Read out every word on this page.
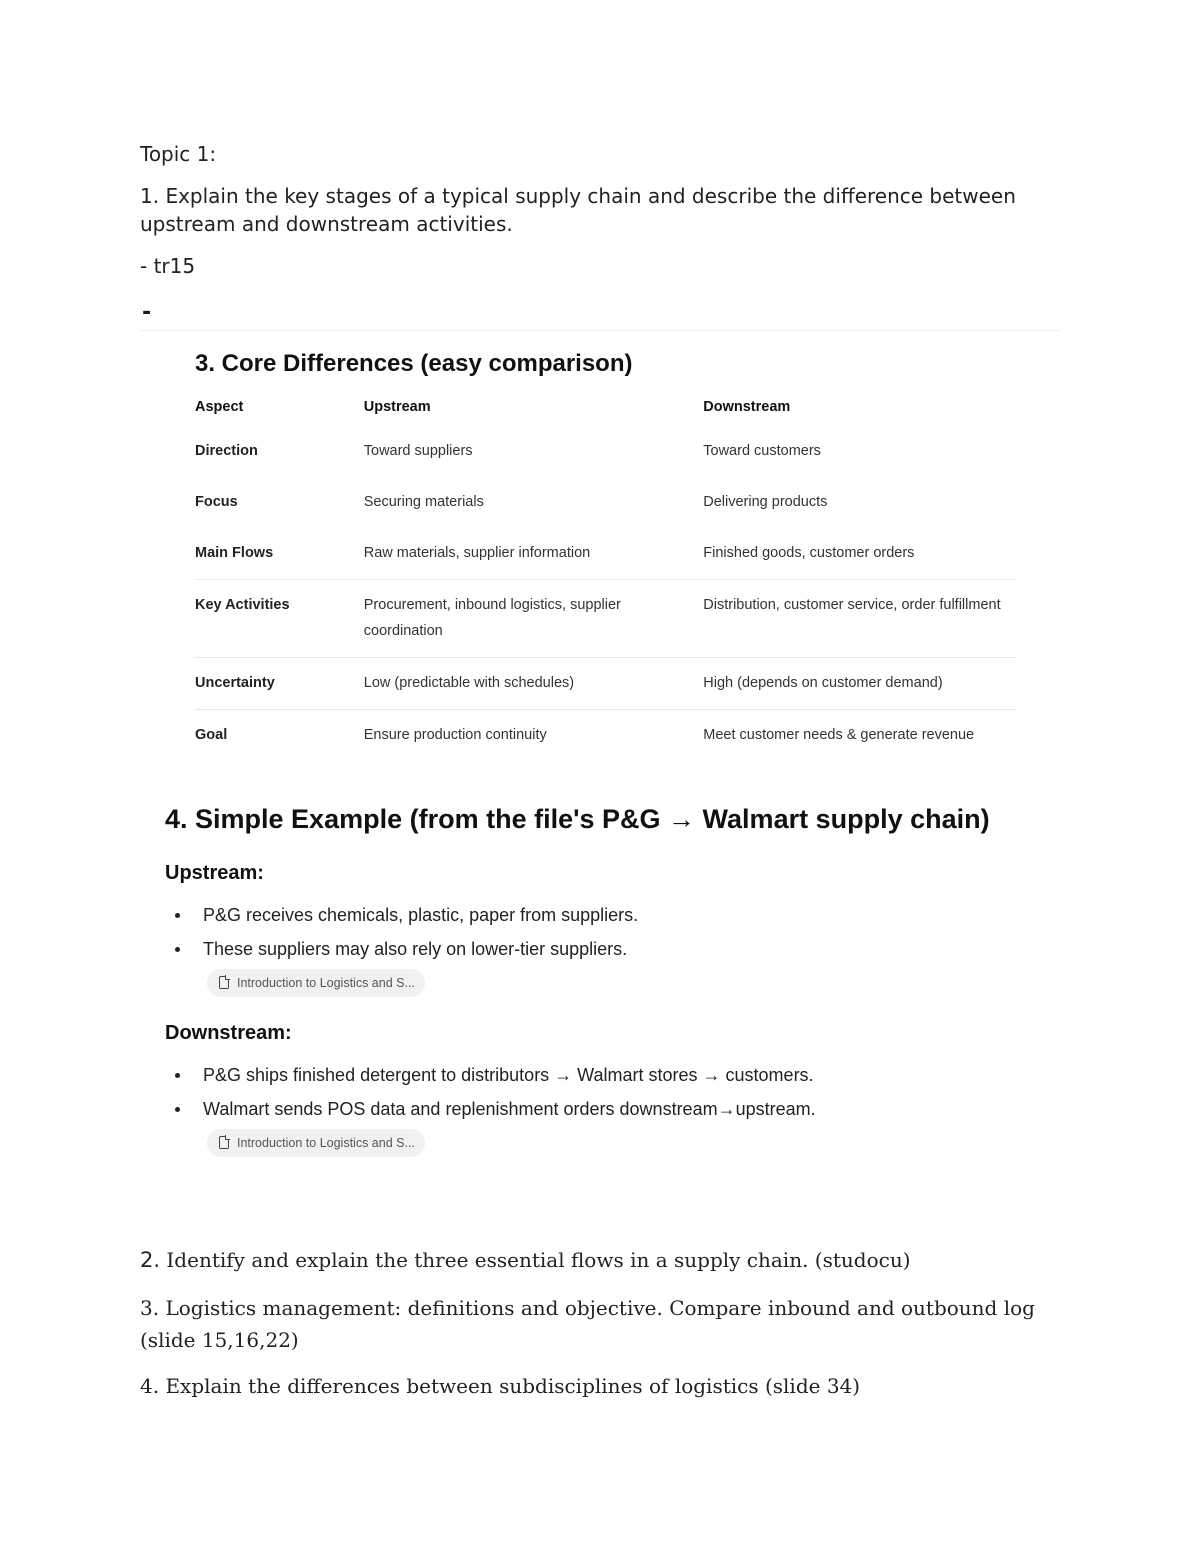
Topic 1:

1. Explain the key stages of a typical supply chain and describe the difference between upstream and downstream activities.

- tr15

-
3. Core Differences (easy comparison)
Aspect	Upstream	Downstream
Direction	Toward suppliers	Toward customers
Focus	Securing materials	Delivering products
Main Flows	Raw materials, supplier information	Finished goods, customer orders
Key Activities	Procurement, inbound logistics, supplier coordination	Distribution, customer service, order fulfillment
Uncertainty	Low (predictable with schedules)	High (depends on customer demand)
Goal	Ensure production continuity	Meet customer needs & generate revenue
4. Simple Example (from the file's P&G → Walmart supply chain)

Upstream:

P&G receives chemicals, plastic, paper from suppliers.
These suppliers may also rely on lower-tier suppliers.
Introduction to Logistics and S...

Downstream:

P&G ships finished detergent to distributors → Walmart stores → customers.
Walmart sends POS data and replenishment orders downstream→upstream.
Introduction to Logistics and S...

2. Identify and explain the three essential flows in a supply chain. (studocu)

3. Logistics management: definitions and objective. Compare inbound and outbound log (slide 15,16,22)

4. Explain the differences between subdisciplines of logistics (slide 34)
